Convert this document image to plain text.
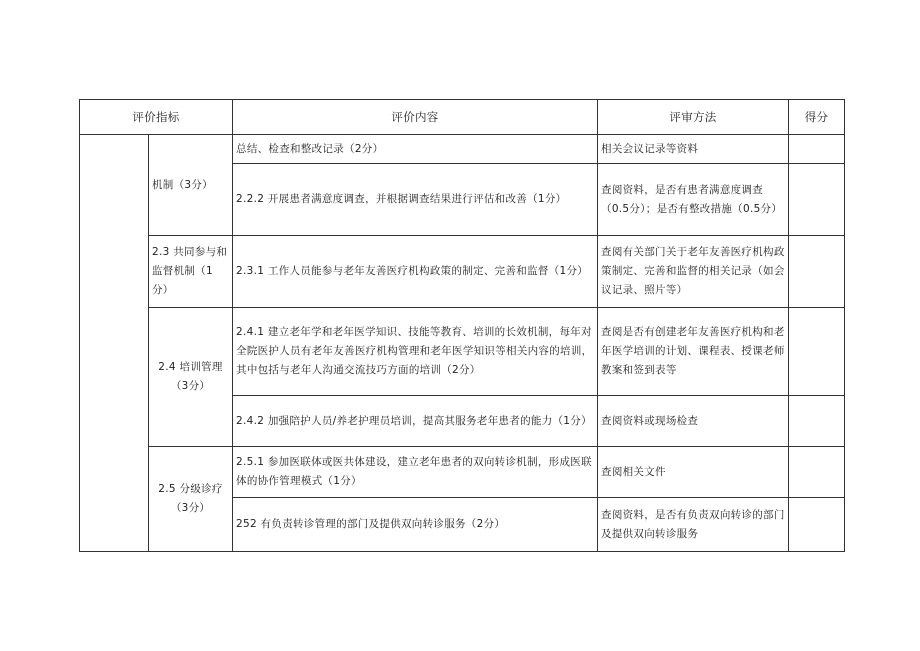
评价指标		评价内容	评审方法	得分
	机制（3分）	总结、检查和整改记录（2分）	相关会议记录等资料	
		2.2.2 开展患者满意度调查，并根据调查结果进行评估和改善（1分）	查阅资料，是否有患者满意度调查（0.5分）；是否有整改措施（0.5分）	
	2.3 共同参与和监督机制（1分）	2.3.1 工作人员能参与老年友善医疗机构政策的制定、完善和监督（1分）	查阅有关部门关于老年友善医疗机构政策制定、完善和监督的相关记录（如会议记录、照片等）	
	2.4 培训管理（3分）	2.4.1 建立老年学和老年医学知识、技能等教育、培训的长效机制，每年对全院医护人员有老年友善医疗机构管理和老年医学知识等相关内容的培训，其中包括与老年人沟通交流技巧方面的培训（2分）	查阅是否有创建老年友善医疗机构和老年医学培训的计划、课程表、授课老师教案和签到表等	
		2.4.2 加强陪护人员/养老护理员培训，提高其服务老年患者的能力（1分）	查阅资料或现场检查	
	2.5 分级诊疗（3分）	2.5.1 参加医联体或医共体建设，建立老年患者的双向转诊机制，形成医联体的协作管理模式（1分）	查阅相关文件	
		252 有负责转诊管理的部门及提供双向转诊服务（2分）	查阅资料，是否有负责双向转诊的部门及提供双向转诊服务	
